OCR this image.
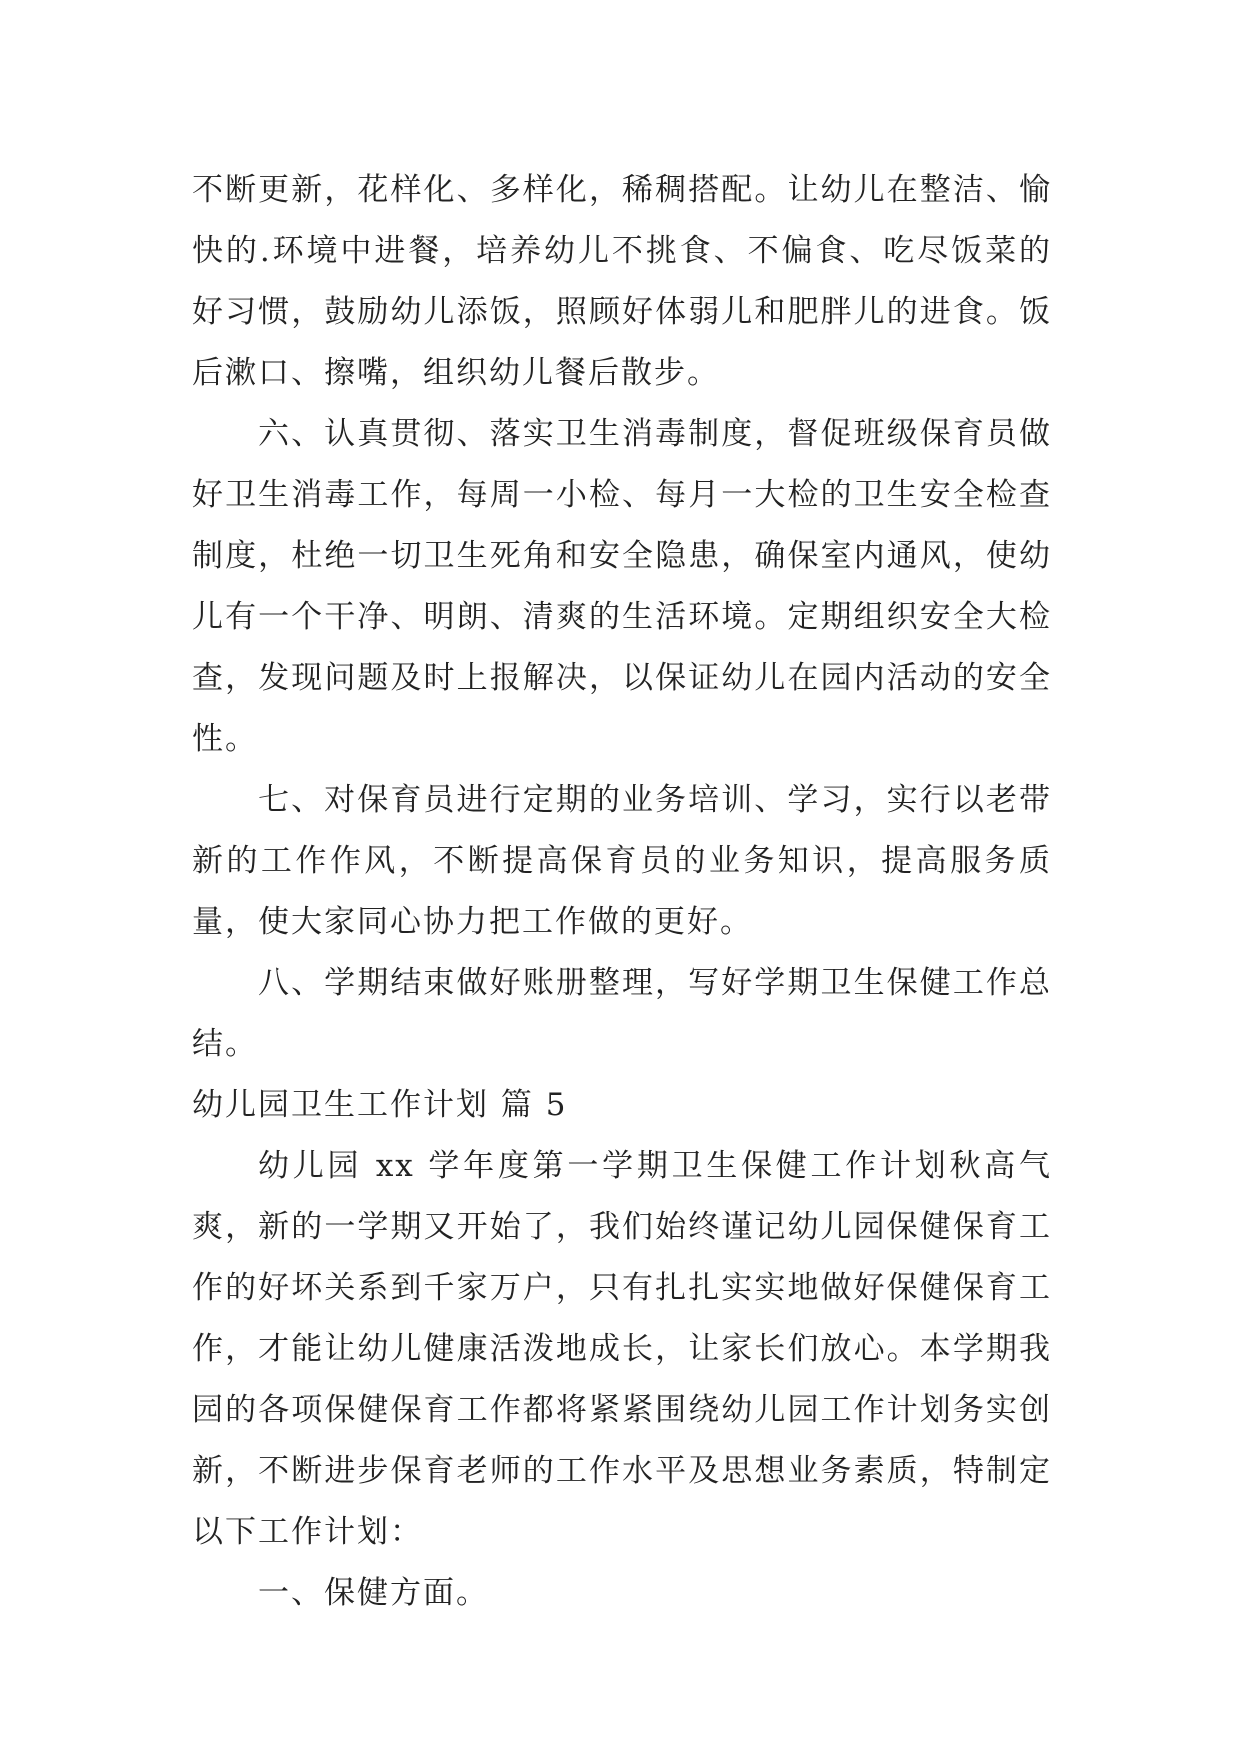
不断更新，花样化、多样化，稀稠搭配。让幼儿在整洁、愉快的.环境中进餐，培养幼儿不挑食、不偏食、吃尽饭菜的好习惯，鼓励幼儿添饭，照顾好体弱儿和肥胖儿的进食。饭后漱口、擦嘴，组织幼儿餐后散步。

六、认真贯彻、落实卫生消毒制度，督促班级保育员做好卫生消毒工作，每周一小检、每月一大检的卫生安全检查制度，杜绝一切卫生死角和安全隐患，确保室内通风，使幼儿有一个干净、明朗、清爽的生活环境。定期组织安全大检查，发现问题及时上报解决，以保证幼儿在园内活动的安全性。

七、对保育员进行定期的业务培训、学习，实行以老带新的工作作风，不断提高保育员的业务知识，提高服务质量，使大家同心协力把工作做的更好。

八、学期结束做好账册整理，写好学期卫生保健工作总结。

幼儿园卫生工作计划 篇 5

幼儿园 xx 学年度第一学期卫生保健工作计划秋高气爽，新的一学期又开始了，我们始终谨记幼儿园保健保育工作的好坏关系到千家万户，只有扎扎实实地做好保健保育工作，才能让幼儿健康活泼地成长，让家长们放心。本学期我园的各项保健保育工作都将紧紧围绕幼儿园工作计划务实创新，不断进步保育老师的工作水平及思想业务素质，特制定以下工作计划：

一、保健方面。
